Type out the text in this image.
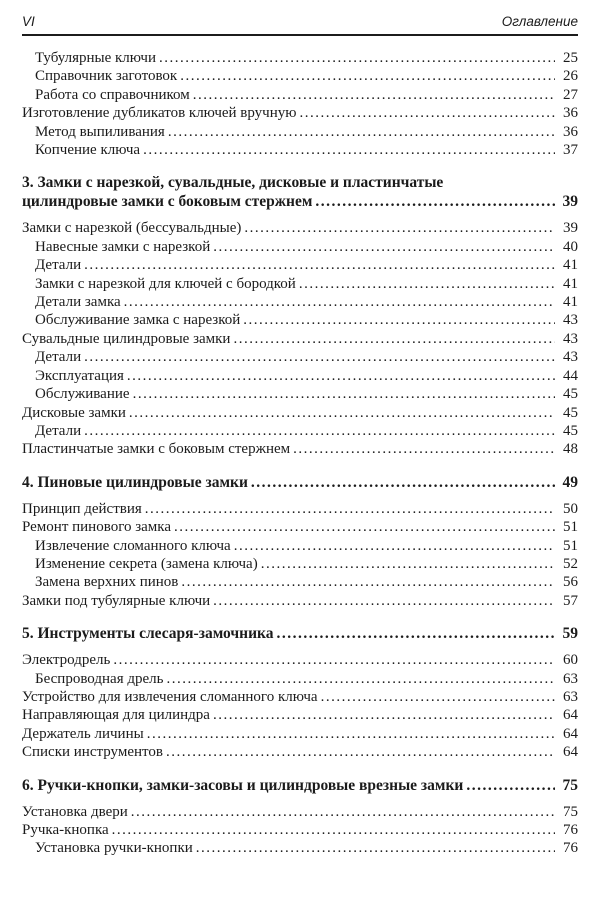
VI	Оглавление
Тубулярные ключи .....	25
Справочник заготовок .....	26
Работа со справочником .....	27
Изготовление дубликатов ключей вручную .....	36
Метод выпиливания .....	36
Копчение ключа .....	37
3. Замки с нарезкой, сувальдные, дисковые и пластинчатые
цилиндровые замки с боковым стержнем .....	39
Замки с нарезкой (бессувальдные) .....	39
Навесные замки с нарезкой .....	40
Детали .....	41
Замки с нарезкой для ключей с бородкой .....	41
Детали замка .....	41
Обслуживание замка с нарезкой .....	43
Сувальдные цилиндровые замки .....	43
Детали .....	43
Эксплуатация .....	44
Обслуживание .....	45
Дисковые замки .....	45
Детали .....	45
Пластинчатые замки с боковым стержнем .....	48
4. Пиновые цилиндровые замки .....	49
Принцип действия .....	50
Ремонт пинового замка .....	51
Извлечение сломанного ключа .....	51
Изменение секрета (замена ключа) .....	52
Замена верхних пинов .....	56
Замки под тубулярные ключи .....	57
5. Инструменты слесаря-замочника .....	59
Электродрель .....	60
Беспроводная дрель .....	63
Устройство для извлечения сломанного ключа .....	63
Направляющая для цилиндра .....	64
Держатель личины .....	64
Списки инструментов .....	64
6. Ручки-кнопки, замки-засовы и цилиндровые врезные замки .....	75
Установка двери .....	75
Ручка-кнопка .....	76
Установка ручки-кнопки .....	76
